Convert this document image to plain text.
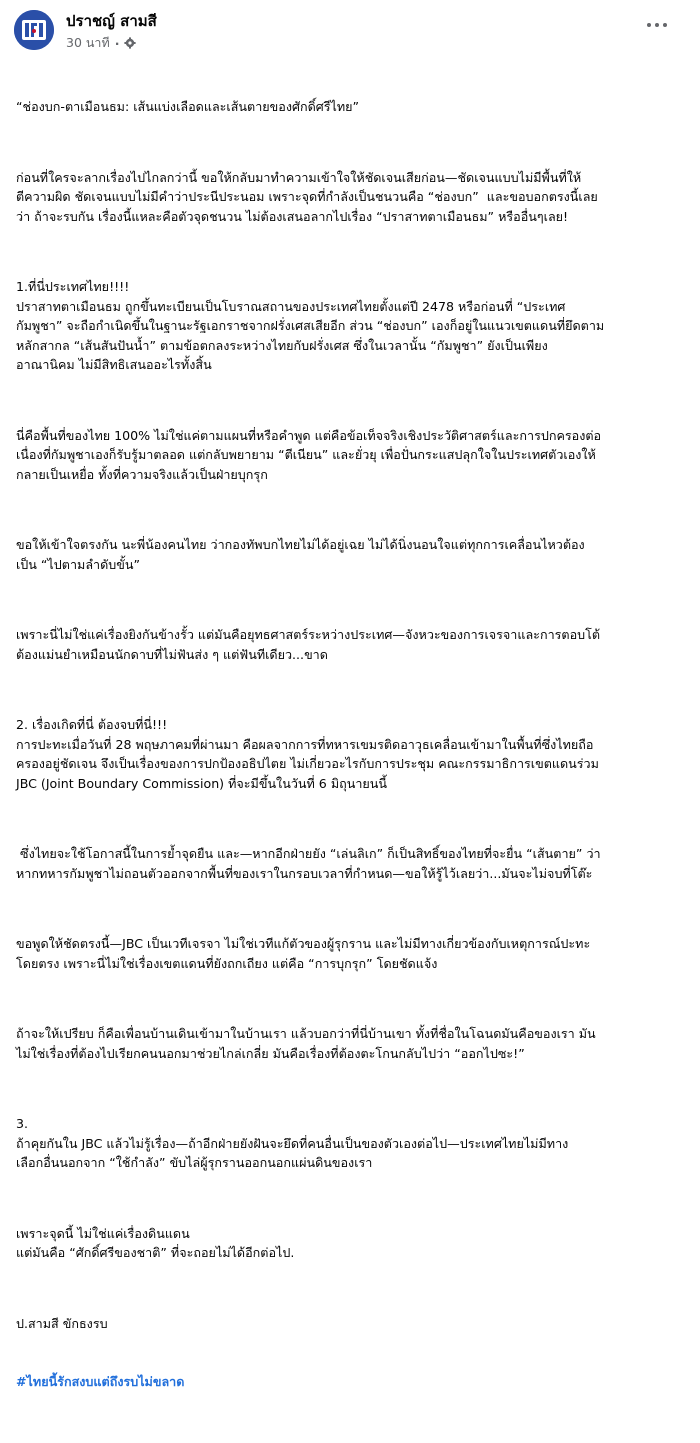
ปราชญ์ สามสี
30 นาที ·

“ช่องบก-ตาเมือนธม: เส้นแบ่งเลือดและเส้นตายของศักดิ์ศรีไทย”

ก่อนที่ใครจะลากเรื่องไปไกลกว่านี้ ขอให้กลับมาทำความเข้าใจให้ชัดเจนเสียก่อน—ชัดเจนแบบไม่มีพื้นที่ให้
ตีความผิด ชัดเจนแบบไม่มีคำว่าประนีประนอม เพราะจุดที่กำลังเป็นชนวนคือ “ช่องบก”  และขอบอกตรงนี้เลย
ว่า ถ้าจะรบกัน เรื่องนี้แหละคือตัวจุดชนวน ไม่ต้องเสนอลากไปเรื่อง “ปราสาทตาเมือนธม” หรืออื่นๆเลย!

1.ที่นี่ประเทศไทย!!!!
ปราสาทตาเมือนธม ถูกขึ้นทะเบียนเป็นโบราณสถานของประเทศไทยตั้งแต่ปี 2478 หรือก่อนที่ “ประเทศ
กัมพูชา” จะถือกำเนิดขึ้นในฐานะรัฐเอกราชจากฝรั่งเศสเสียอีก ส่วน “ช่องบก” เองก็อยู่ในแนวเขตแดนที่ยึดตาม
หลักสากล “เส้นสันปันน้ำ” ตามข้อตกลงระหว่างไทยกับฝรั่งเศส ซึ่งในเวลานั้น “กัมพูชา” ยังเป็นเพียง
อาณานิคม ไม่มีสิทธิเสนออะไรทั้งสิ้น

นี่คือพื้นที่ของไทย 100% ไม่ใช่แค่ตามแผนที่หรือคำพูด แต่คือข้อเท็จจริงเชิงประวัติศาสตร์และการปกครองต่อ
เนื่องที่กัมพูชาเองก็รับรู้มาตลอด แต่กลับพยายาม “ตีเนียน” และยั่วยุ เพื่อปั่นกระแสปลุกใจในประเทศตัวเองให้
กลายเป็นเหยื่อ ทั้งที่ความจริงแล้วเป็นฝ่ายบุกรุก

ขอให้เข้าใจตรงกัน นะพี่น้องคนไทย ว่ากองทัพบกไทยไม่ได้อยู่เฉย ไม่ได้นิ่งนอนใจแต่ทุกการเคลื่อนไหวต้อง
เป็น “ไปตามลำดับขั้น”

เพราะนี่ไม่ใช่แค่เรื่องยิงกันข้างรั้ว แต่มันคือยุทธศาสตร์ระหว่างประเทศ—จังหวะของการเจรจาและการตอบโต้
ต้องแม่นยำเหมือนนักดาบที่ไม่ฟันส่ง ๆ แต่ฟันทีเดียว...ขาด

2. เรื่องเกิดที่นี่ ต้องจบที่นี่!!!
การปะทะเมื่อวันที่ 28 พฤษภาคมที่ผ่านมา คือผลจากการที่ทหารเขมรติดอาวุธเคลื่อนเข้ามาในพื้นที่ซึ่งไทยถือ
ครองอยู่ชัดเจน จึงเป็นเรื่องของการปกป้องอธิปไตย ไม่เกี่ยวอะไรกับการประชุม คณะกรรมาธิการเขตแดนร่วม
JBC (Joint Boundary Commission) ที่จะมีขึ้นในวันที่ 6 มิถุนายนนี้

ซึ่งไทยจะใช้โอกาสนี้ในการย้ำจุดยืน และ—หากอีกฝ่ายยัง “เล่นลิเก” ก็เป็นสิทธิ์ของไทยที่จะยื่น “เส้นตาย” ว่า
หากทหารกัมพูชาไม่ถอนตัวออกจากพื้นที่ของเราในกรอบเวลาที่กำหนด—ขอให้รู้ไว้เลยว่า...มันจะไม่จบที่โต๊ะ

ขอพูดให้ชัดตรงนี้—JBC เป็นเวทีเจรจา ไม่ใช่เวทีแก้ตัวของผู้รุกราน และไม่มีทางเกี่ยวข้องกับเหตุการณ์ปะทะ
โดยตรง เพราะนี่ไม่ใช่เรื่องเขตแดนที่ยังถกเถียง แต่คือ “การบุกรุก” โดยชัดแจ้ง

ถ้าจะให้เปรียบ ก็คือเพื่อนบ้านเดินเข้ามาในบ้านเรา แล้วบอกว่าที่นี่บ้านเขา ทั้งที่ชื่อในโฉนดมันคือของเรา มัน
ไม่ใช่เรื่องที่ต้องไปเรียกคนนอกมาช่วยไกล่เกลี่ย มันคือเรื่องที่ต้องตะโกนกลับไปว่า “ออกไปซะ!”

3.
ถ้าคุยกันใน JBC แล้วไม่รู้เรื่อง—ถ้าอีกฝ่ายยังฝันจะยึดที่คนอื่นเป็นของตัวเองต่อไป—ประเทศไทยไม่มีทาง
เลือกอื่นนอกจาก “ใช้กำลัง” ขับไล่ผู้รุกรานออกนอกแผ่นดินของเรา

เพราะจุดนี้ ไม่ใช่แค่เรื่องดินแดน
แต่มันคือ “ศักดิ์ศรีของชาติ” ที่จะถอยไม่ได้อีกต่อไป.

ป.สามสี ขักธงรบ

#ไทยนี้รักสงบแต่ถึงรบไม่ขลาด
